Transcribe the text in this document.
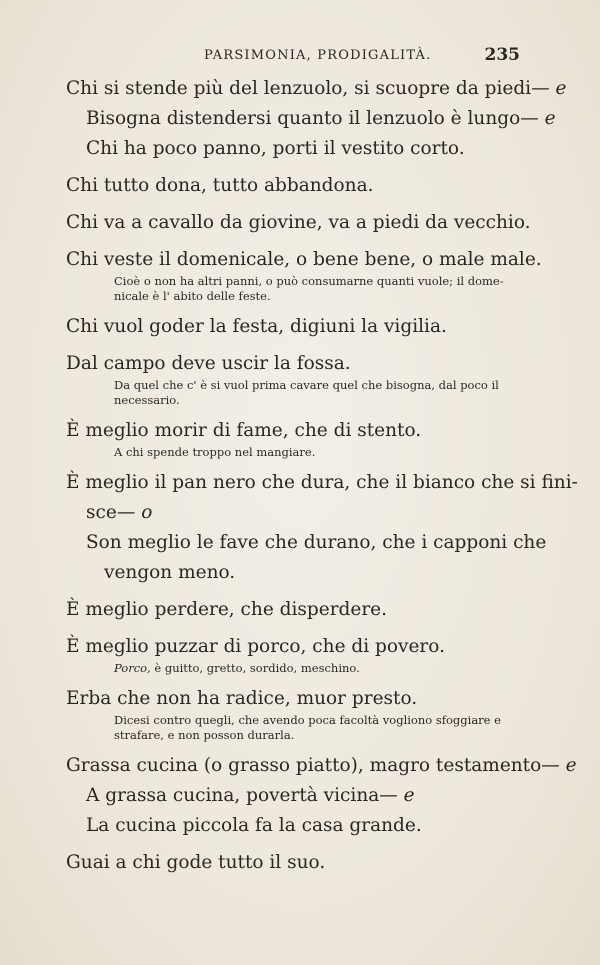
PARSIMONIA, PRODIGALITÀ.	235
Chi si stende più del lenzuolo, si scuopre da piedi— e
Bisogna distendersi quanto il lenzuolo è lungo— e
Chi ha poco panno, porti il vestito corto.
Chi tutto dona, tutto abbandona.
Chi va a cavallo da giovine, va a piedi da vecchio.
Chi veste il domenicale, o bene bene, o male male.
Cioè o non ha altri panni, o può consumarne quanti vuole; il dome-
nicale è l' abito delle feste.
Chi vuol goder la festa, digiuni la vigilia.
Dal campo deve uscir la fossa.
Da quel che c' è si vuol prima cavare quel che bisogna, dal poco il
necessario.
È meglio morir di fame, che di stento.
A chi spende troppo nel mangiare.
È meglio il pan nero che dura, che il bianco che si fini-
sce— o
Son meglio le fave che durano, che i capponi che
vengon meno.
È meglio perdere, che disperdere.
È meglio puzzar di porco, che di povero.
Porco, è guitto, gretto, sordido, meschino.
Erba che non ha radice, muor presto.
Dicesi contro quegli, che avendo poca facoltà vogliono sfoggiare e
strafare, e non posson durarla.
Grassa cucina (o grasso piatto), magro testamento— e
A grassa cucina, povertà vicina— e
La cucina piccola fa la casa grande.
Guai a chi gode tutto il suo.
